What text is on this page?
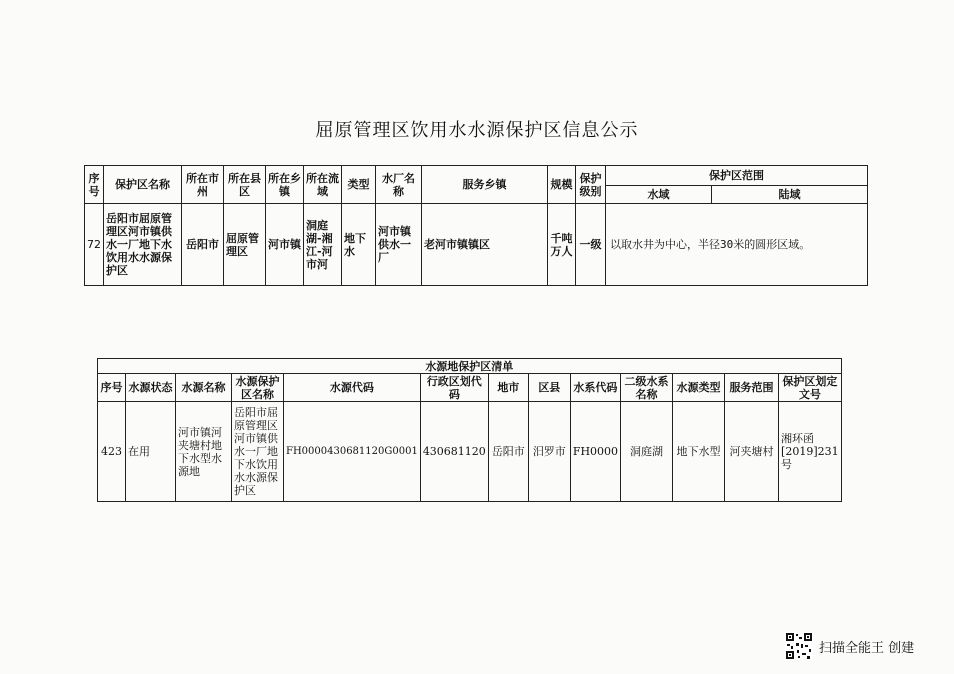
屈原管理区饮用水水源保护区信息公示
序号	保护区名称	所在市州	所在县区	所在乡镇	所在流域	类型	水厂名称	服务乡镇	规模	保护级别	保护区范围	
											水域	陆域
72	岳阳市屈原管理区河市镇供水一厂地下水饮用水水源保护区	岳阳市	屈原管理区	河市镇	洞庭湖-湘江-河市河	地下水	河市镇供水一厂	老河市镇镇区	千吨万人	一级	以取水井为中心，半径30米的圆形区域。	
水源地保护区清单												
序号	水源状态	水源名称	水源保护区名称	水源代码	行政区划代码	地市	区县	水系代码	二级水系名称	水源类型	服务范围	保护区划定文号
423	在用	河市镇河夹塘村地下水型水源地	岳阳市屈原管理区河市镇供水一厂地下水饮用水水源保护区	FH0000430681120G0001	430681120	岳阳市	汨罗市	FH0000	洞庭湖	地下水型	河夹塘村	湘环函[2019]231号
扫描全能王 创建
